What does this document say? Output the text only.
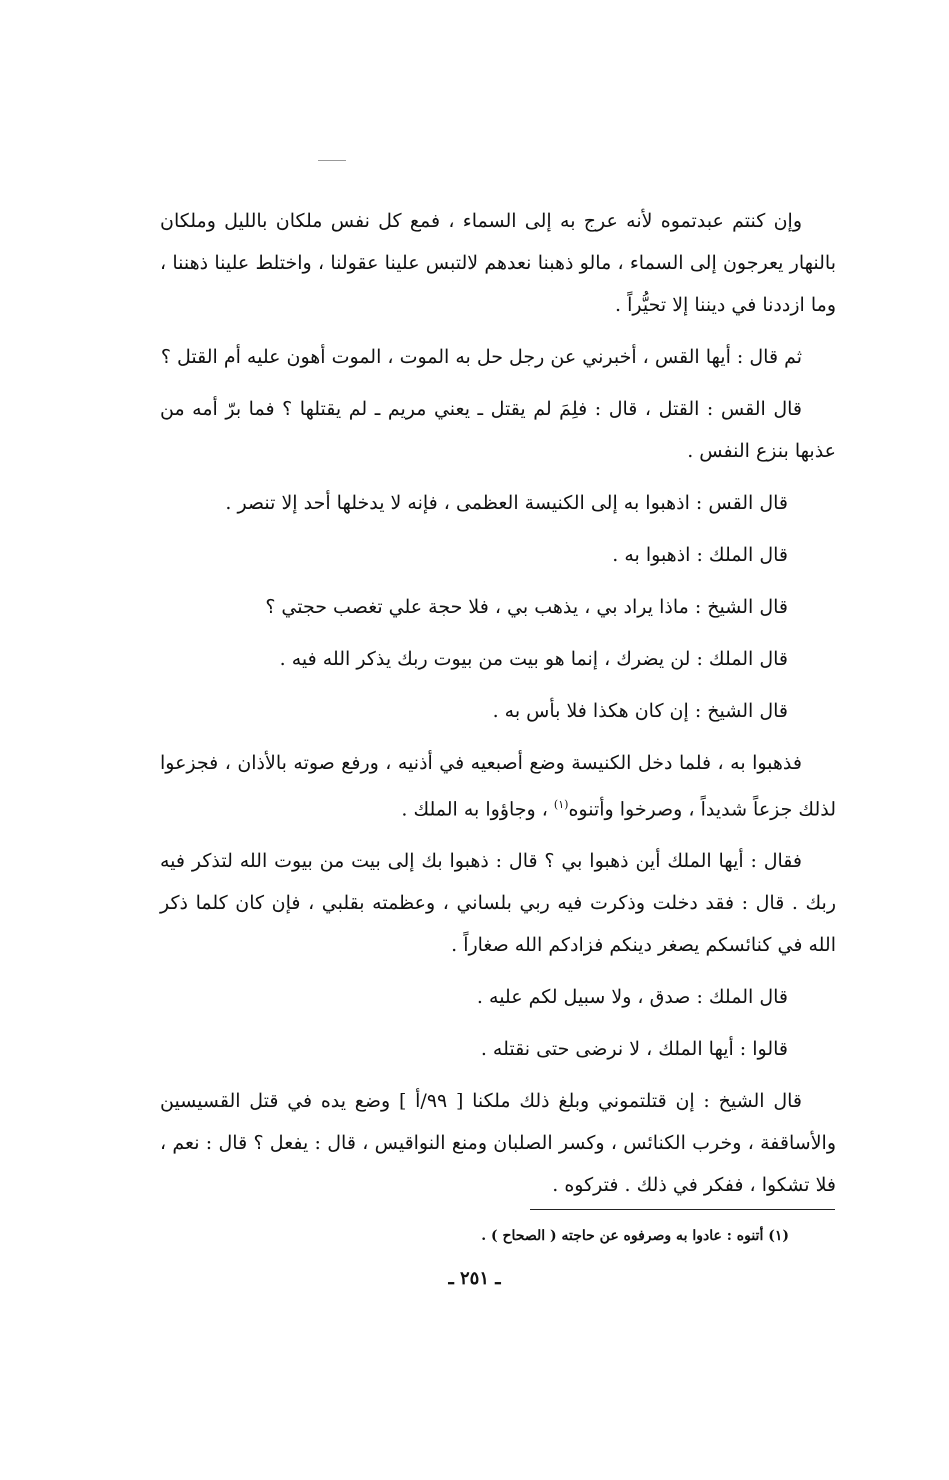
وإن كنتم عبدتموه لأنه عرج به إلى السماء ، فمع كل نفس ملكان بالليل وملكان بالنهار يعرجون إلى السماء ، مالو ذهبنا نعدهم لالتبس علينا عقولنا ، واختلط علينا ذهننا ، وما ازددنا في ديننا إلا تحيُّراً .

ثم قال : أيها القس ، أخبرني عن رجل حل به الموت ، الموت أهون عليه أم القتل ؟

قال القس : القتل ، قال : فلِمَ لم يقتل ـ يعني مريم ـ لم يقتلها ؟ فما برّ أمه من عذبها بنزع النفس .

قال القس : اذهبوا به إلى الكنيسة العظمى ، فإنه لا يدخلها أحد إلا تنصر .

قال الملك : اذهبوا به .

قال الشيخ : ماذا يراد بي ، يذهب بي ، فلا حجة علي تغصب حجتي ؟

قال الملك : لن يضرك ، إنما هو بيت من بيوت ربك يذكر الله فيه .

قال الشيخ : إن كان هكذا فلا بأس به .

فذهبوا به ، فلما دخل الكنيسة وضع أصبعيه في أذنيه ، ورفع صوته بالأذان ، فجزعوا لذلك جزعاً شديداً ، وصرخوا وأتنوه$^{(١)}$ ، وجاؤوا به الملك .

فقال : أيها الملك أين ذهبوا بي ؟ قال : ذهبوا بك إلى بيت من بيوت الله لتذكر فيه ربك . قال : فقد دخلت وذكرت فيه ربي بلساني ، وعظمته بقلبي ، فإن كان كلما ذكر الله في كنائسكم يصغر دينكم فزادكم الله صغاراً .

قال الملك : صدق ، ولا سبيل لكم عليه .

قالوا : أيها الملك ، لا نرضى حتى نقتله .

قال الشيخ : إن قتلتموني وبلغ ذلك ملكنا [ ٩٩/أ ] وضع يده في قتل القسيسين والأساقفة ، وخرب الكنائس ، وكسر الصلبان ومنع النواقيس ، قال : يفعل ؟ قال : نعم ، فلا تشكوا ، ففكر في ذلك . فتركوه .

(١) أتنوه : عادوا به وصرفوه عن حاجته ( الصحاح ) .
ـ ٢٥١ ـ
